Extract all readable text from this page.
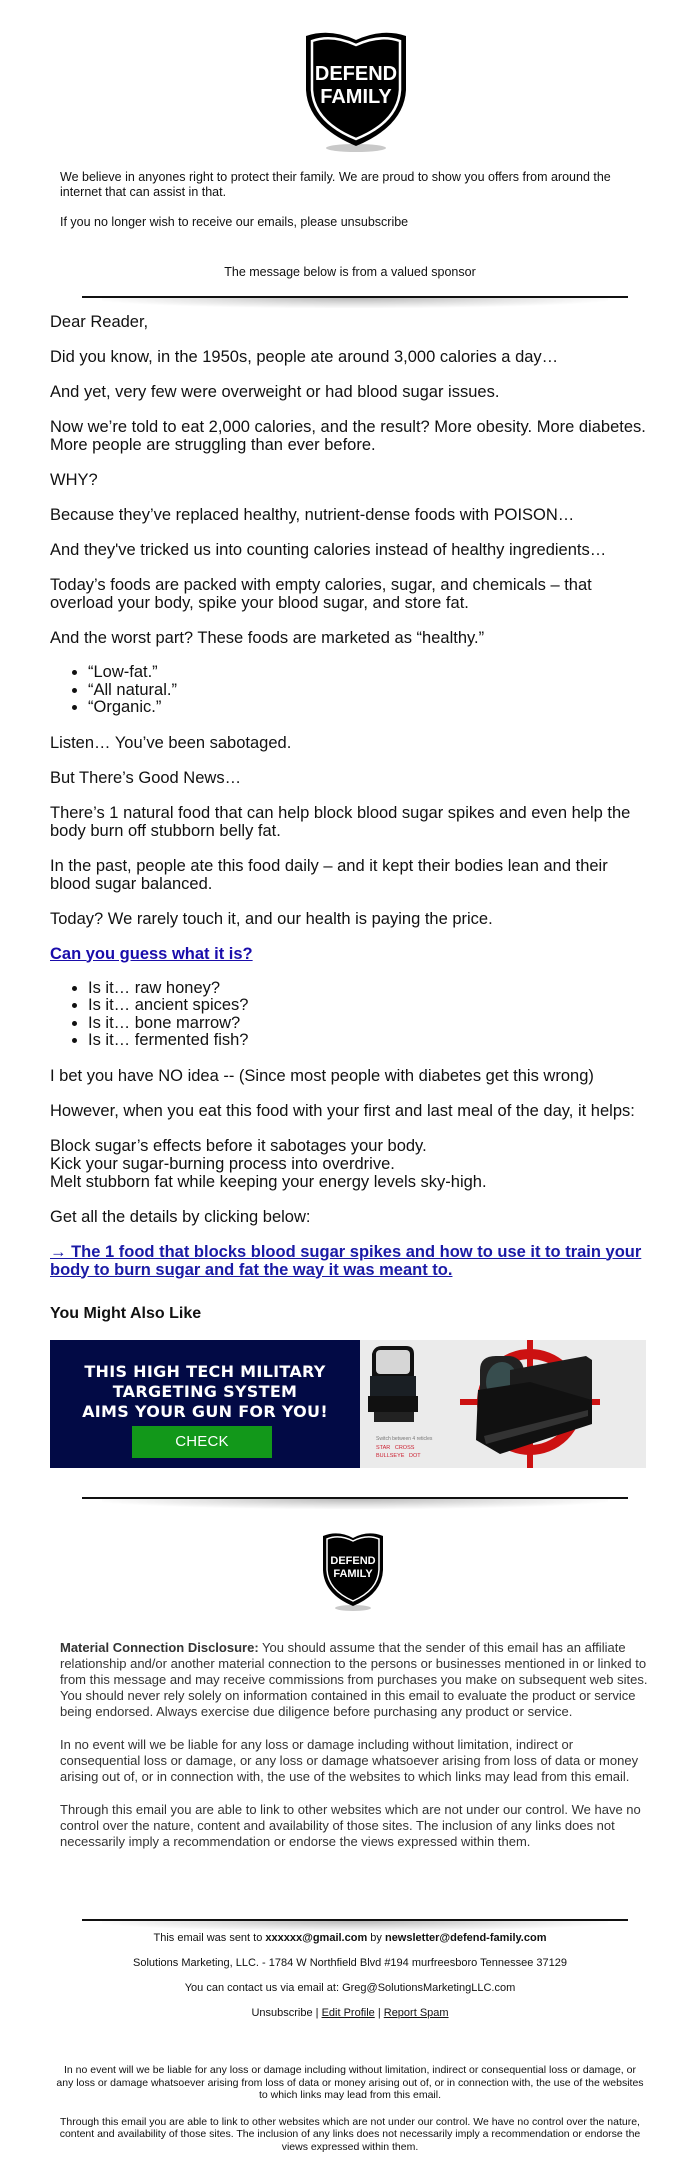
DEFEND
FAMILY

We believe in anyones right to protect their family. We are proud to show you offers from around the internet that can assist in that.

If you no longer wish to receive our emails, please unsubscribe

The message below is from a valued sponsor

Dear Reader,

Did you know, in the 1950s, people ate around 3,000 calories a day…

And yet, very few were overweight or had blood sugar issues.

Now we’re told to eat 2,000 calories, and the result? More obesity. More diabetes. More people are struggling than ever before.

WHY?

Because they’ve replaced healthy, nutrient-dense foods with POISON…

And they've tricked us into counting calories instead of healthy ingredients…

Today’s foods are packed with empty calories, sugar, and chemicals – that overload your body, spike your blood sugar, and store fat.

And the worst part? These foods are marketed as “healthy.”

• “Low-fat.”
• “All natural.”
• “Organic.”

Listen… You’ve been sabotaged.

But There’s Good News…

There’s 1 natural food that can help block blood sugar spikes and even help the body burn off stubborn belly fat.

In the past, people ate this food daily – and it kept their bodies lean and their blood sugar balanced.

Today? We rarely touch it, and our health is paying the price.

Can you guess what it is?

• Is it… raw honey?
• Is it… ancient spices?
• Is it… bone marrow?
• Is it… fermented fish?

I bet you have NO idea -- (Since most people with diabetes get this wrong)

However, when you eat this food with your first and last meal of the day, it helps:

Block sugar’s effects before it sabotages your body.
Kick your sugar-burning process into overdrive.
Melt stubborn fat while keeping your energy levels sky-high.

Get all the details by clicking below:

→ The 1 food that blocks blood sugar spikes and how to use it to train your body to burn sugar and fat the way it was meant to.

You Might Also Like
THIS HIGH TECH MILITARY
TARGETING SYSTEM
AIMS YOUR GUN FOR YOU!
CHECK AVAILABILITY
Switch between 4 reticles
STAR CROSS
BULLSEYE DOT
DEFEND
FAMILY

Material Connection Disclosure: You should assume that the sender of this email has an affiliate relationship and/or another material connection to the persons or businesses mentioned in or linked to from this message and may receive commissions from purchases you make on subsequent web sites. You should never rely solely on information contained in this email to evaluate the product or service being endorsed. Always exercise due diligence before purchasing any product or service.

In no event will we be liable for any loss or damage including without limitation, indirect or consequential loss or damage, or any loss or damage whatsoever arising from loss of data or money arising out of, or in connection with, the use of the websites to which links may lead from this email.

Through this email you are able to link to other websites which are not under our control. We have no control over the nature, content and availability of those sites. The inclusion of any links does not necessarily imply a recommendation or endorse the views expressed within them.

This email was sent to xxxxxx@gmail.com by newsletter@defend-family.com

Solutions Marketing, LLC. - 1784 W Northfield Blvd #194 murfreesboro Tennessee 37129

You can contact us via email at: Greg@SolutionsMarketingLLC.com

Unsubscribe | Edit Profile | Report Spam

In no event will we be liable for any loss or damage including without limitation, indirect or consequential loss or damage, or any loss or damage whatsoever arising from loss of data or money arising out of, or in connection with, the use of the websites to which links may lead from this email.

Through this email you are able to link to other websites which are not under our control. We have no control over the nature, content and availability of those sites. The inclusion of any links does not necessarily imply a recommendation or endorse the views expressed within them.
